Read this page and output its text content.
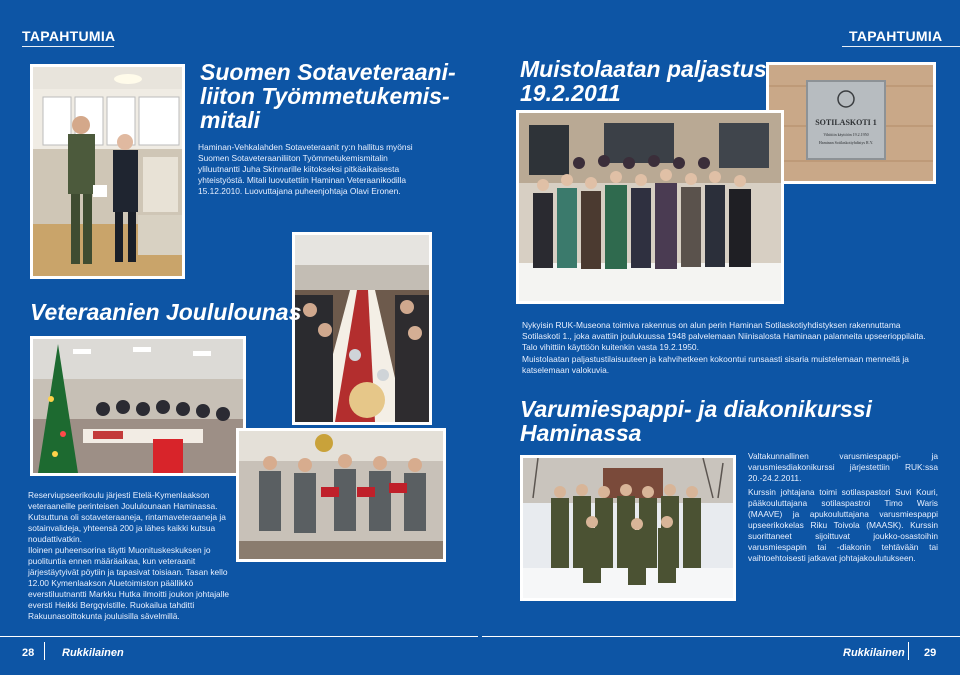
TAPAHTUMIA
Suomen Sotaveteraani-
liiton Työmmetukemis-
mitali
Haminan-Vehkalahden Sotaveteraanit ry:n hallitus myönsi Suomen Sotaveteraaniliiton Työmmetukemismitalin yliluutnantti Juha Skinnarille kiitokseksi pitkäaikaisesta yhteistyöstä. Mitali luovutettiin Haminan Veteraanikodilla 15.12.2010. Luovuttajana puheenjohtaja Olavi Eronen.
Veteraanien Joululounas
Reserviupseerikoulu järjesti Etelä-Kymenlaakson veteraaneille perinteisen Joululounaan Haminassa. Kutsuttuna oli sotaveteraaneja, rintamaveteraaneja ja sotainvalideja, yhteensä 200 ja lähes kaikki kutsua noudattivatkin.
Iloinen puheensorina täytti Muonituskeskuksen jo puolituntia ennen määräaikaa, kun veteraanit järjestäytyivät pöytiin ja tapasivat toisiaan. Tasan kello 12.00 Kymenlaakson Aluetoimiston päällikkö everstiluutnantti Markku Hutka ilmoitti joukon johtajalle eversti Heikki Bergqvistille. Ruokailua tahditti Rakuunasoittokunta jouluisilla sävelmillä.
28	Rukkilainen
TAPAHTUMIA
Muistolaatan paljastus
19.2.2011
SOTILASKOTI 1
Vihittiin käyttöön 19.2.1950
Haminan Sotilaskotiyhdistys R.Y.
Nykyisin RUK-Museona toimiva rakennus on alun perin Haminan Sotilaskotiyhdistyksen rakennuttama Sotilaskoti 1., joka avattiin joulukuussa 1948 palvelemaan Niinisalosta Haminaan palanneita upseerioppilaita. Talo vihittiin käyttöön kuitenkin vasta 19.2.1950.
Muistolaatan paljastustilaisuuteen ja kahvihetkeen kokoontui runsaasti sisaria muistelemaan menneitä ja katselemaan valokuvia.
Varumiespappi- ja diakonikurssi
Haminassa
Valtakunnallinen varusmiespappi- ja varusmiesdiakonikurssi järjestettiin RUK:ssa 20.-24.2.2011.
Kurssin johtajana toimi sotilaspastori Suvi Kouri, pääkouluttajana sotilaspastroi Timo Waris (MAAVE) ja apukouluttajana varusmiespappi upseerikokelas Riku Toivola (MAASK). Kurssin suorittaneet sijoittuvat joukko-osastoihin varusmiespapin tai -diakonin tehtävään tai vaihtoehtoisesti jatkavat johtajakoulutukseen.
Rukkilainen 29
